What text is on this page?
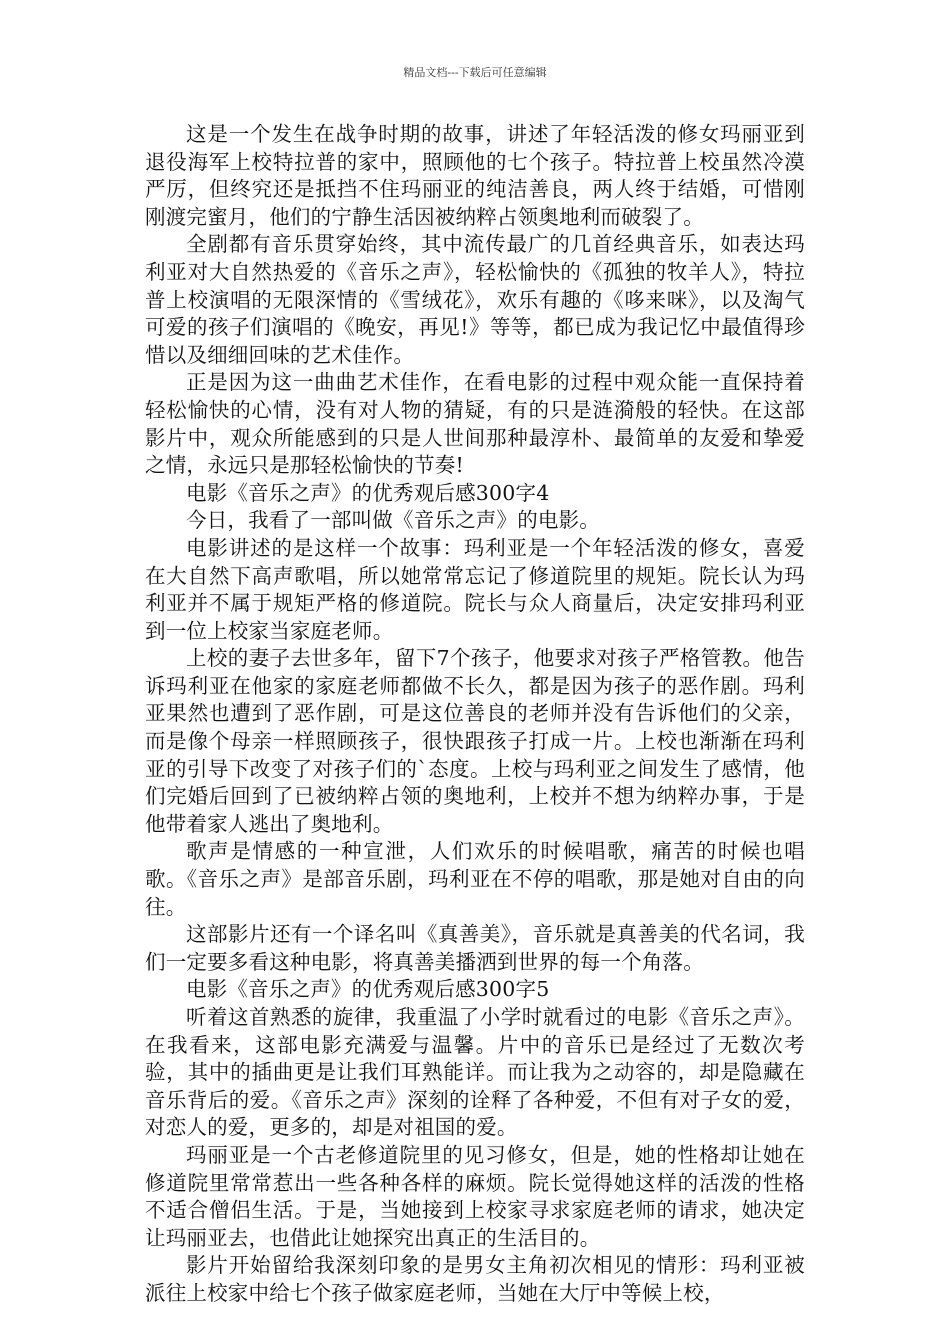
精品文档---下载后可任意编辑

这是一个发生在战争时期的故事，讲述了年轻活泼的修女玛丽亚到退役海军上校特拉普的家中，照顾他的七个孩子。特拉普上校虽然冷漠严厉，但终究还是抵挡不住玛丽亚的纯洁善良，两人终于结婚，可惜刚刚渡完蜜月，他们的宁静生活因被纳粹占领奥地利而破裂了。

全剧都有音乐贯穿始终，其中流传最广的几首经典音乐，如表达玛利亚对大自然热爱的《音乐之声》，轻松愉快的《孤独的牧羊人》，特拉普上校演唱的无限深情的《雪绒花》，欢乐有趣的《哆来咪》，以及淘气可爱的孩子们演唱的《晚安，再见!》等等，都已成为我记忆中最值得珍惜以及细细回味的艺术佳作。

正是因为这一曲曲艺术佳作，在看电影的过程中观众能一直保持着轻松愉快的心情，没有对人物的猜疑，有的只是涟漪般的轻快。在这部影片中，观众所能感到的只是人世间那种最淳朴、最简单的友爱和挚爱之情，永远只是那轻松愉快的节奏!

电影《音乐之声》的优秀观后感300字4

今日，我看了一部叫做《音乐之声》的电影。

电影讲述的是这样一个故事：玛利亚是一个年轻活泼的修女，喜爱在大自然下高声歌唱，所以她常常忘记了修道院里的规矩。院长认为玛利亚并不属于规矩严格的修道院。院长与众人商量后，决定安排玛利亚到一位上校家当家庭老师。

上校的妻子去世多年，留下7个孩子，他要求对孩子严格管教。他告诉玛利亚在他家的家庭老师都做不长久，都是因为孩子的恶作剧。玛利亚果然也遭到了恶作剧，可是这位善良的老师并没有告诉他们的父亲，而是像个母亲一样照顾孩子，很快跟孩子打成一片。上校也渐渐在玛利亚的引导下改变了对孩子们的`态度。上校与玛利亚之间发生了感情，他们完婚后回到了已被纳粹占领的奥地利，上校并不想为纳粹办事，于是他带着家人逃出了奥地利。

歌声是情感的一种宣泄，人们欢乐的时候唱歌，痛苦的时候也唱歌。《音乐之声》是部音乐剧，玛利亚在不停的唱歌，那是她对自由的向往。

这部影片还有一个译名叫《真善美》，音乐就是真善美的代名词，我们一定要多看这种电影，将真善美播洒到世界的每一个角落。

电影《音乐之声》的优秀观后感300字5

听着这首熟悉的旋律，我重温了小学时就看过的电影《音乐之声》。在我看来，这部电影充满爱与温馨。片中的音乐已是经过了无数次考验，其中的插曲更是让我们耳熟能详。而让我为之动容的，却是隐藏在音乐背后的爱。《音乐之声》深刻的诠释了各种爱，不但有对子女的爱，对恋人的爱，更多的，却是对祖国的爱。

玛丽亚是一个古老修道院里的见习修女，但是，她的性格却让她在修道院里常常惹出一些各种各样的麻烦。院长觉得她这样的活泼的性格不适合僧侣生活。于是，当她接到上校家寻求家庭老师的请求，她决定让玛丽亚去，也借此让她探究出真正的生活目的。

影片开始留给我深刻印象的是男女主角初次相见的情形：玛利亚被派往上校家中给七个孩子做家庭老师，当她在大厅中等候上校，
